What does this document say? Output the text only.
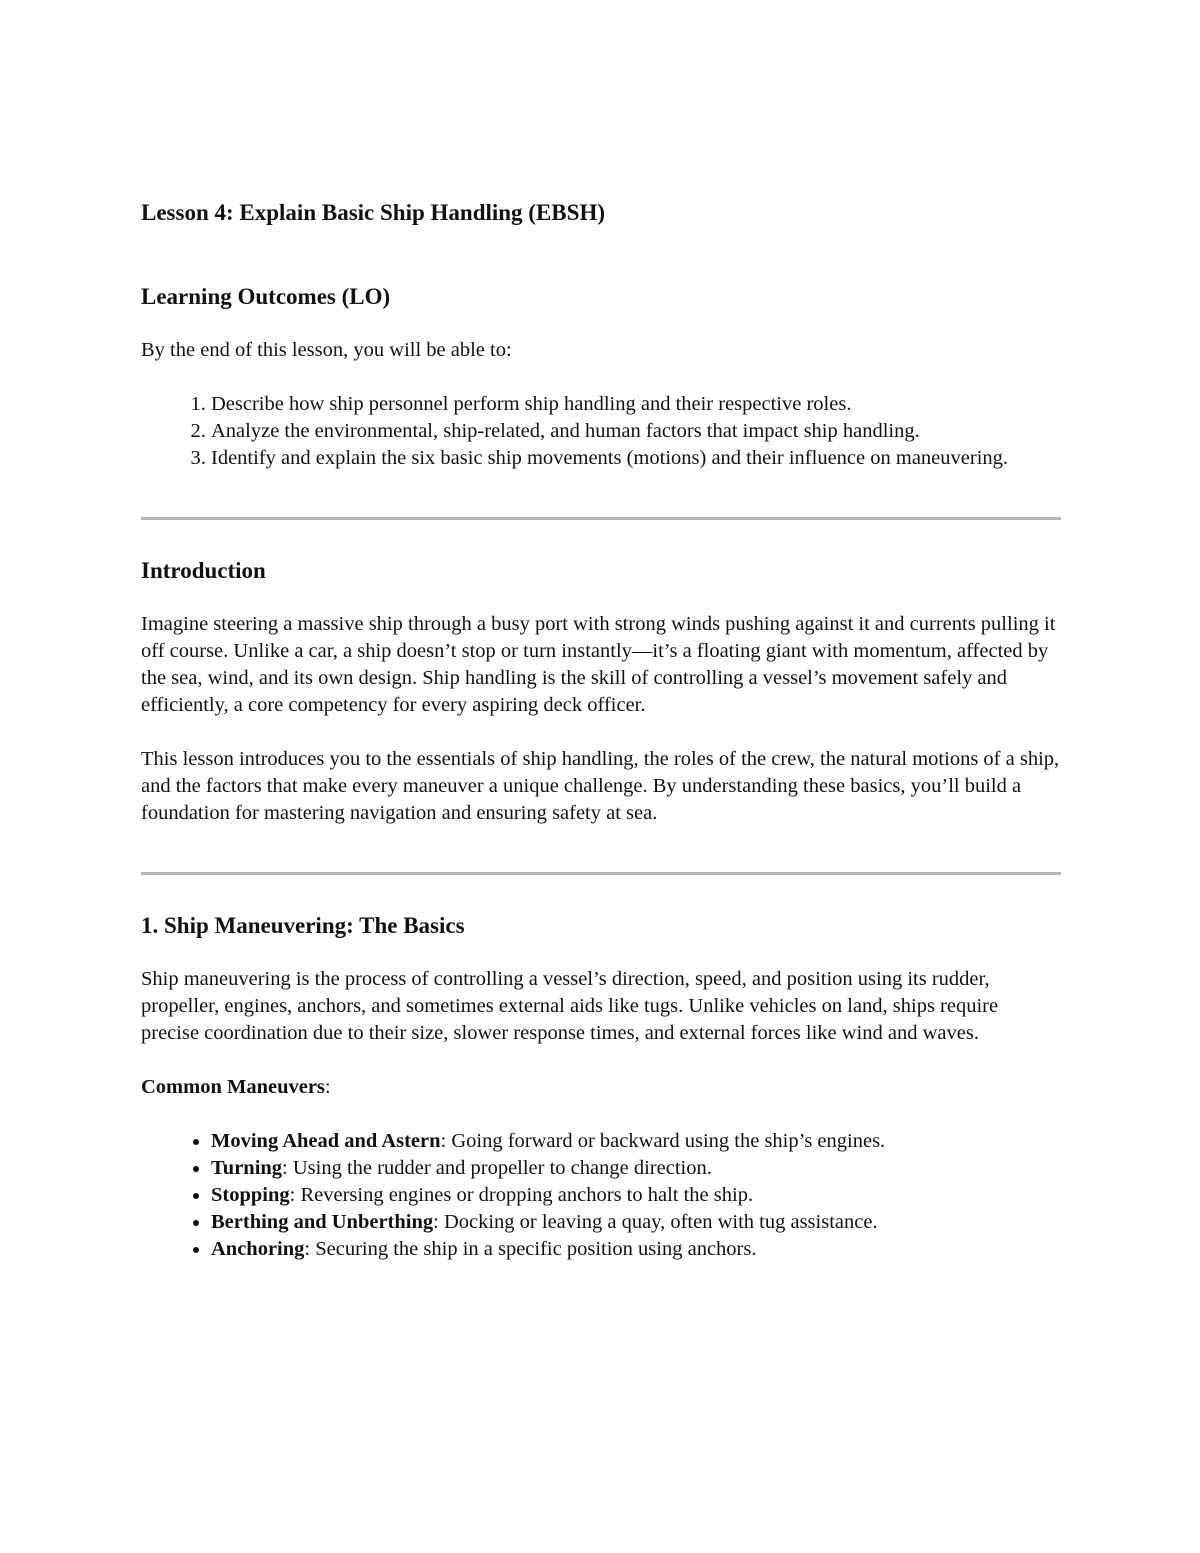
Lesson 4: Explain Basic Ship Handling (EBSH)
Learning Outcomes (LO)

By the end of this lesson, you will be able to:

1. Describe how ship personnel perform ship handling and their respective roles.
2. Analyze the environmental, ship-related, and human factors that impact ship handling.
3. Identify and explain the six basic ship movements (motions) and their influence on maneuvering.
Introduction

Imagine steering a massive ship through a busy port with strong winds pushing against it and currents pulling it off course. Unlike a car, a ship doesn’t stop or turn instantly—it’s a floating giant with momentum, affected by the sea, wind, and its own design. Ship handling is the skill of controlling a vessel’s movement safely and efficiently, a core competency for every aspiring deck officer.

This lesson introduces you to the essentials of ship handling, the roles of the crew, the natural motions of a ship, and the factors that make every maneuver a unique challenge. By understanding these basics, you’ll build a foundation for mastering navigation and ensuring safety at sea.

1. Ship Maneuvering: The Basics

Ship maneuvering is the process of controlling a vessel’s direction, speed, and position using its rudder, propeller, engines, anchors, and sometimes external aids like tugs. Unlike vehicles on land, ships require precise coordination due to their size, slower response times, and external forces like wind and waves.

Common Maneuvers:

• Moving Ahead and Astern: Going forward or backward using the ship’s engines.
• Turning: Using the rudder and propeller to change direction.
• Stopping: Reversing engines or dropping anchors to halt the ship.
• Berthing and Unberthing: Docking or leaving a quay, often with tug assistance.
• Anchoring: Securing the ship in a specific position using anchors.
